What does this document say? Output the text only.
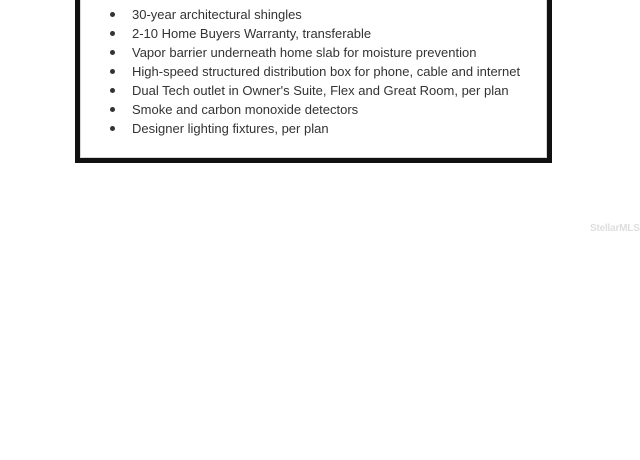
30-year architectural shingles
2-10 Home Buyers Warranty, transferable
Vapor barrier underneath home slab for moisture prevention
High-speed structured distribution box for phone, cable and internet
Dual Tech outlet in Owner's Suite, Flex and Great Room, per plan
Smoke and carbon monoxide detectors
Designer lighting fixtures, per plan
StellarMLS
